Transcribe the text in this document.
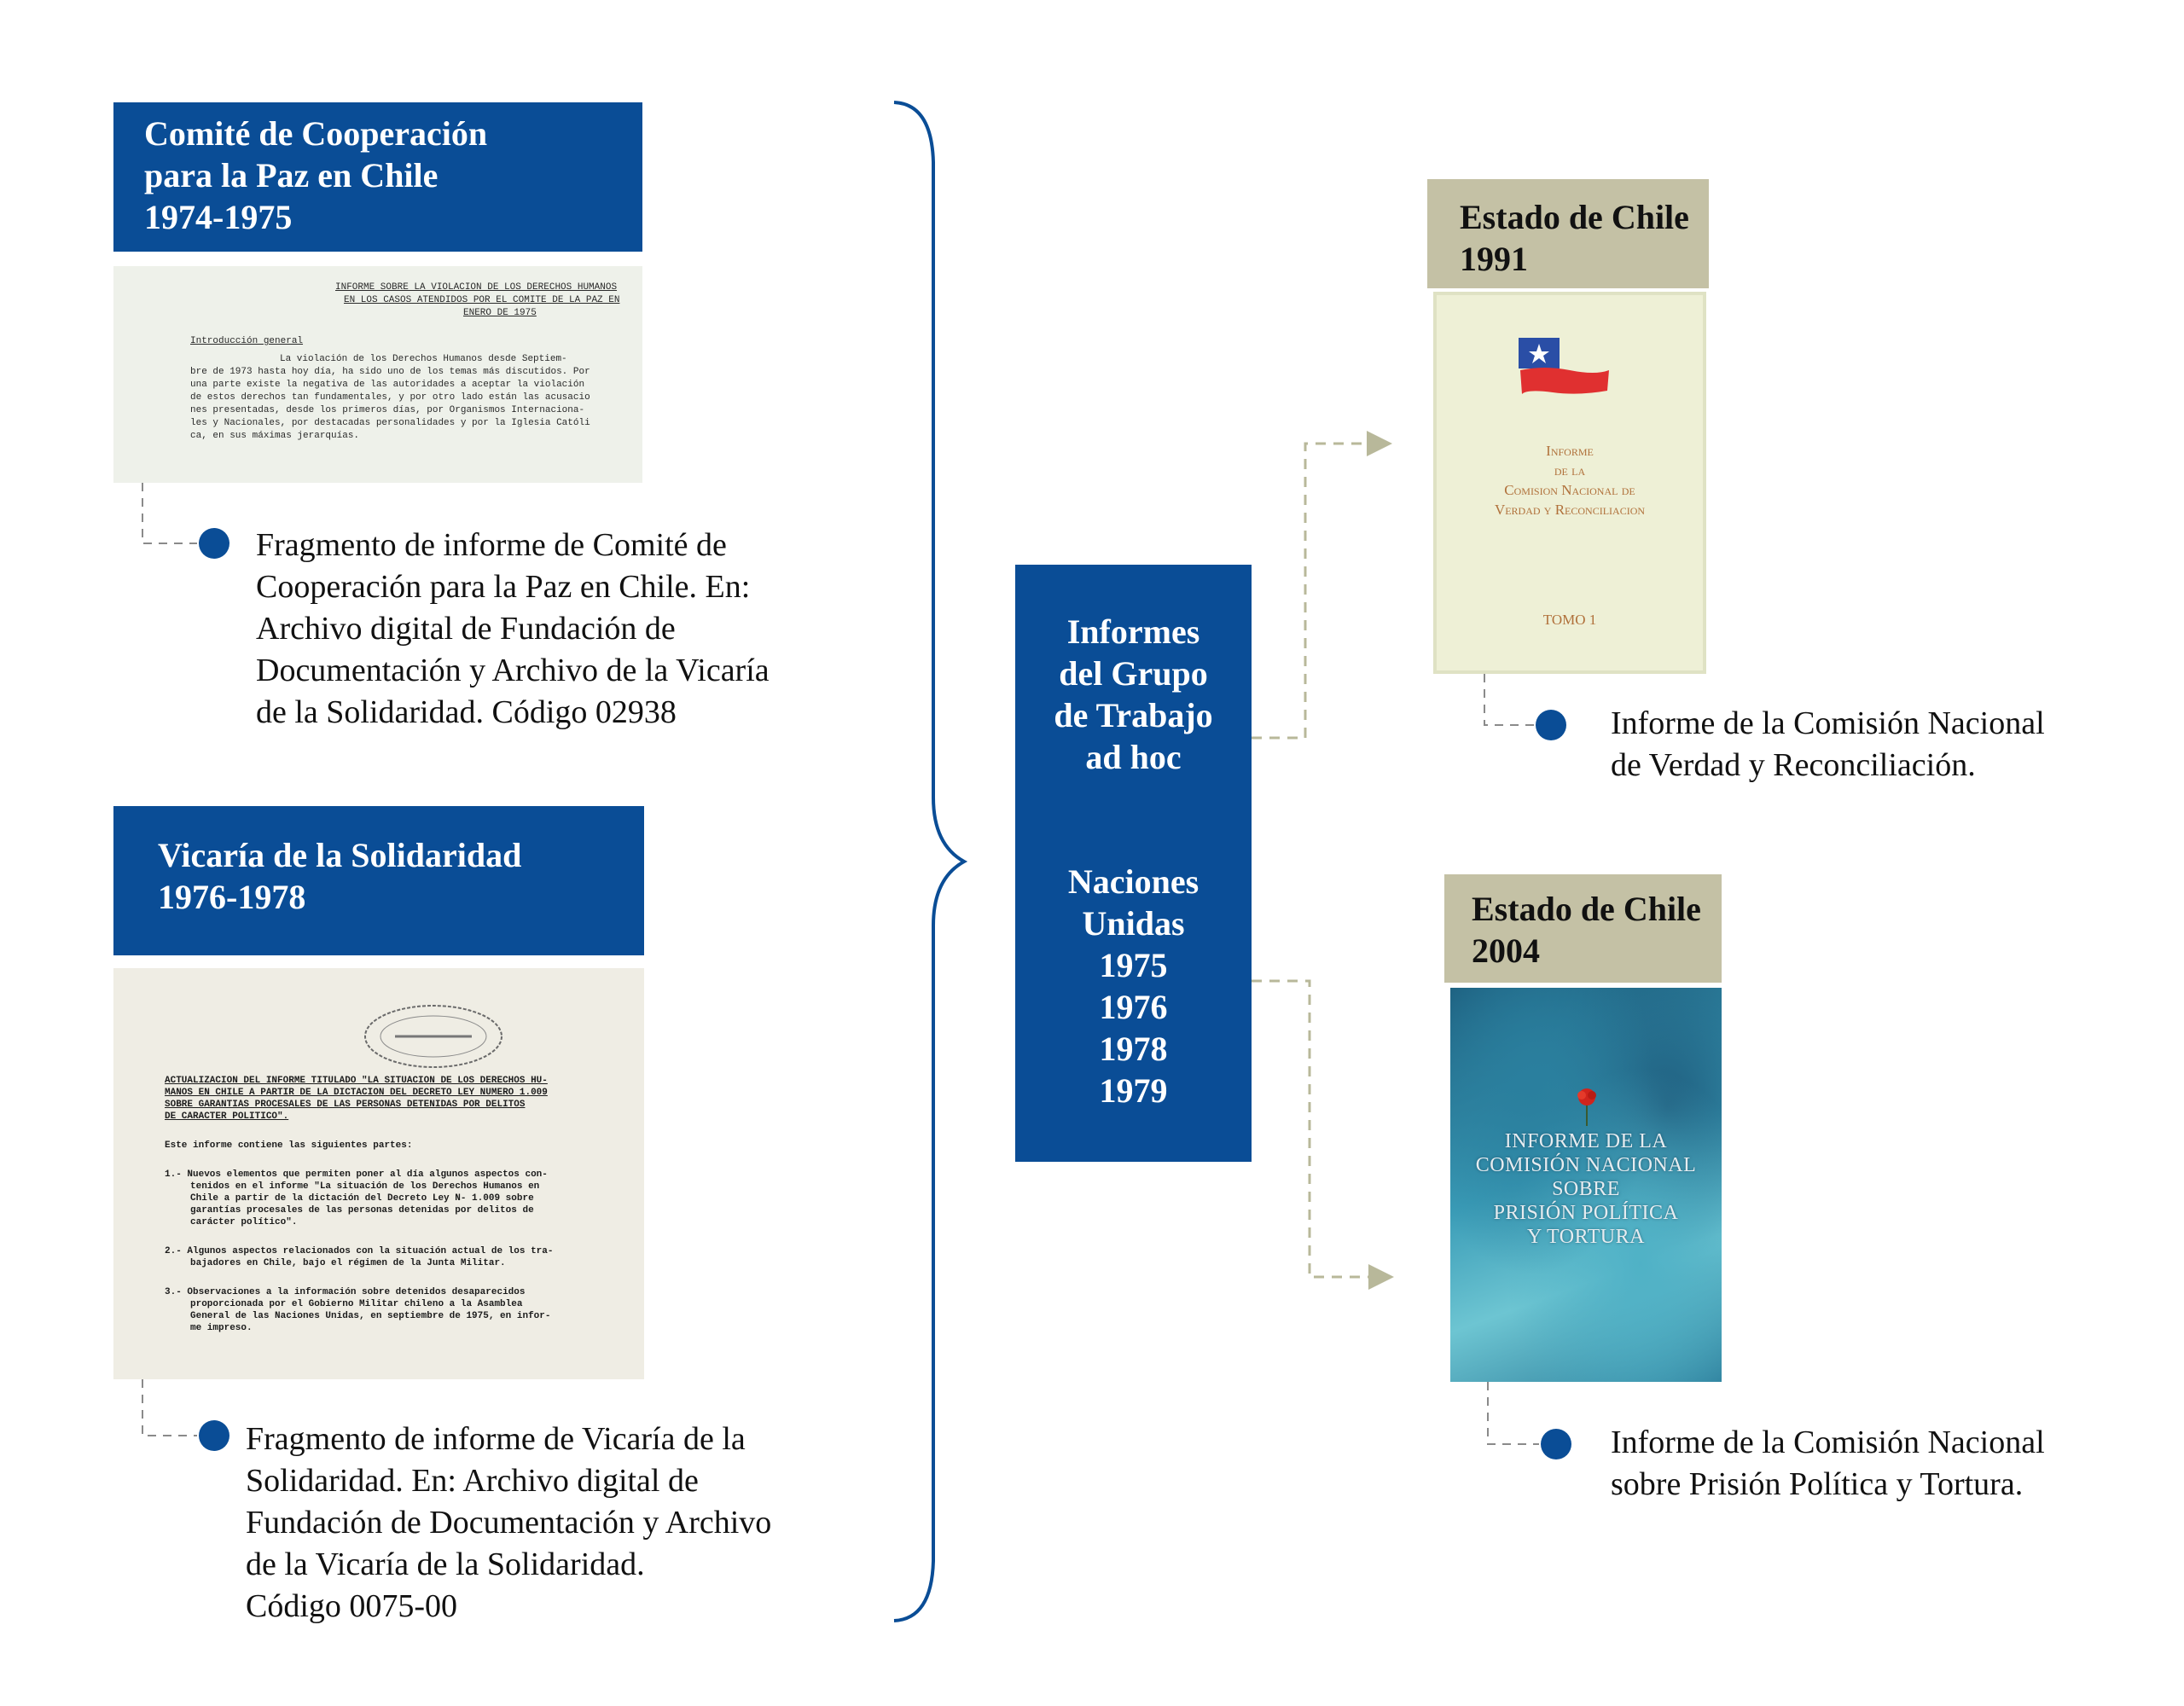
Comité de Cooperación
para la Paz en Chile
1974-1975
INFORME SOBRE LA VIOLACION DE LOS DERECHOS HUMANOS
EN LOS CASOS ATENDIDOS POR EL COMITE DE LA PAZ EN
ENERO DE 1975
Introducción general
La violación de los Derechos Humanos desde Septiem-
bre de 1973 hasta hoy día, ha sido uno de los temas más discutidos. Por
una parte existe la negativa de las autoridades a aceptar la violación
de estos derechos tan fundamentales, y por otro lado están las acusacio
nes presentadas, desde los primeros días, por Organismos Internaciona-
les y Nacionales, por destacadas personalidades y por la Iglesia Católi
ca, en sus máximas jerarquías.
Fragmento de informe de Comité de
Cooperación para la Paz en Chile. En:
Archivo digital de Fundación de
Documentación y Archivo de la Vicaría
de la Solidaridad. Código 02938
Vicaría de la Solidaridad
1976-1978
ACTUALIZACION DEL INFORME TITULADO "LA SITUACION DE LOS DERECHOS HU-
MANOS EN CHILE A PARTIR DE LA DICTACION DEL DECRETO LEY NUMERO 1.009
SOBRE GARANTIAS PROCESALES DE LAS PERSONAS DETENIDAS POR DELITOS
DE CARACTER POLITICO".
Este informe contiene las siguientes partes:
1.- Nuevos elementos que permiten poner al día algunos aspectos con-
tenidos en el informe "La situación de los Derechos Humanos en
Chile a partir de la dictación del Decreto Ley N- 1.009 sobre
garantías procesales de las personas detenidas por delitos de
carácter político".
2.- Algunos aspectos relacionados con la situación actual de los tra-
bajadores en Chile, bajo el régimen de la Junta Militar.
3.- Observaciones a la información sobre detenidos desaparecidos
proporcionada por el Gobierno Militar chileno a la Asamblea
General de las Naciones Unidas, en septiembre de 1975, en infor-
me impreso.
Fragmento de informe de Vicaría de la
Solidaridad. En: Archivo digital de
Fundación de Documentación y Archivo
de la Vicaría de la Solidaridad.
Código 0075-00
Informes
del Grupo
de Trabajo
ad hoc
Naciones
Unidas
1975
1976
1978
1979
Estado de Chile
1991
Informe
de la
Comision Nacional de
Verdad y Reconciliacion
TOMO 1
Informe de la Comisión Nacional
de Verdad y Reconciliación.
Estado de Chile
2004
INFORME DE LA
COMISIÓN NACIONAL
SOBRE
PRISIÓN POLÍTICA
Y TORTURA
Informe de la Comisión Nacional
sobre Prisión Política y Tortura.
